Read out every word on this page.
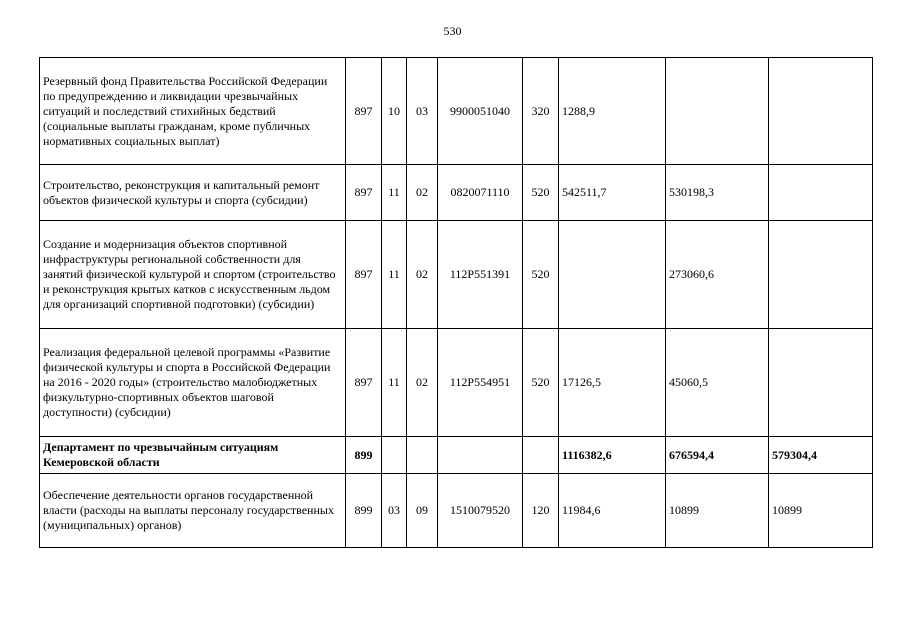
530
Резервный фонд Правительства Российской Федерации по предупреждению и ликвидации чрезвычайных ситуаций и последствий стихийных бедствий (социальные выплаты гражданам, кроме публичных нормативных социальных выплат)	897	10	03	9900051040	320	1288,9		
Строительство, реконструкция и капитальный ремонт объектов физической культуры и спорта (субсидии)	897	11	02	0820071110	520	542511,7	530198,3	
Создание и модернизация объектов спортивной инфраструктуры региональной собственности для занятий физической культурой и спортом (строительство и реконструкция крытых катков с искусственным льдом для организаций спортивной подготовки) (субсидии)	897	11	02	112P551391	520		273060,6	
Реализация федеральной целевой программы «Развитие физической культуры и спорта в Российской Федерации на 2016 - 2020 годы» (строительство малобюджетных физкультурно-спортивных объектов шаговой доступности) (субсидии)	897	11	02	112P554951	520	17126,5	45060,5	
Департамент по чрезвычайным ситуациям Кемеровской области	899					1116382,6	676594,4	579304,4
Обеспечение деятельности органов государственной власти (расходы на выплаты персоналу государственных (муниципальных) органов)	899	03	09	1510079520	120	11984,6	10899	10899
